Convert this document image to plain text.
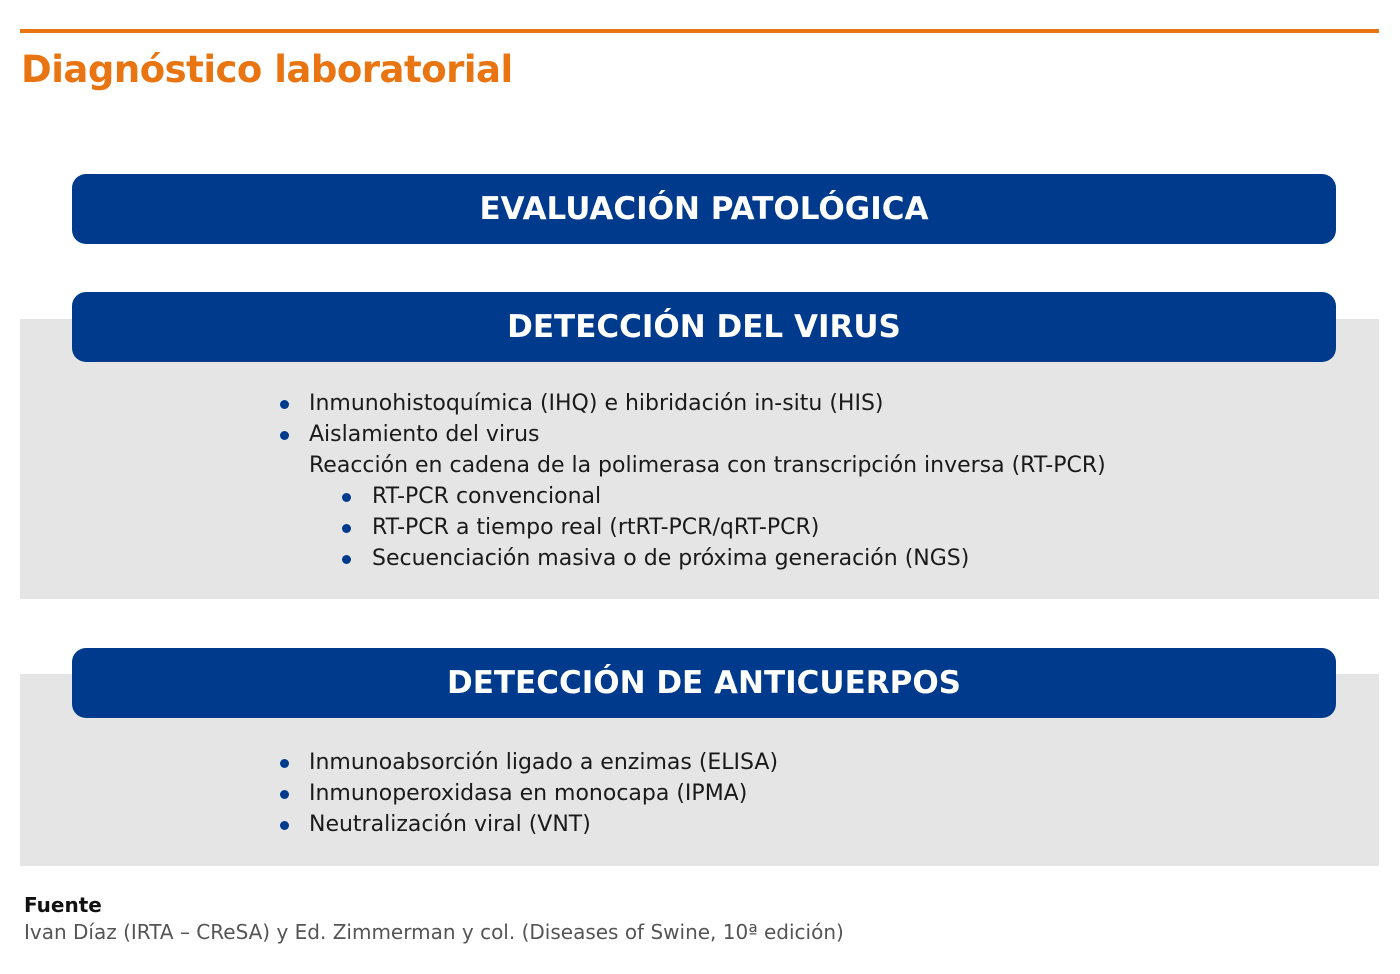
Diagnóstico laboratorial
EVALUACIÓN PATOLÓGICA
DETECCIÓN DEL VIRUS
Inmunohistoquímica (IHQ) e hibridación in-situ (HIS)
Aislamiento del virus
Reacción en cadena de la polimerasa con transcripción inversa (RT-PCR)
RT-PCR convencional
RT-PCR a tiempo real (rtRT-PCR/qRT-PCR)
Secuenciación masiva o de próxima generación (NGS)
DETECCIÓN DE ANTICUERPOS
Inmunoabsorción ligado a enzimas (ELISA)
Inmunoperoxidasa en monocapa (IPMA)
Neutralización viral (VNT)
Fuente
Ivan Díaz (IRTA – CReSA) y Ed. Zimmerman y col. (Diseases of Swine, 10ª edición)
